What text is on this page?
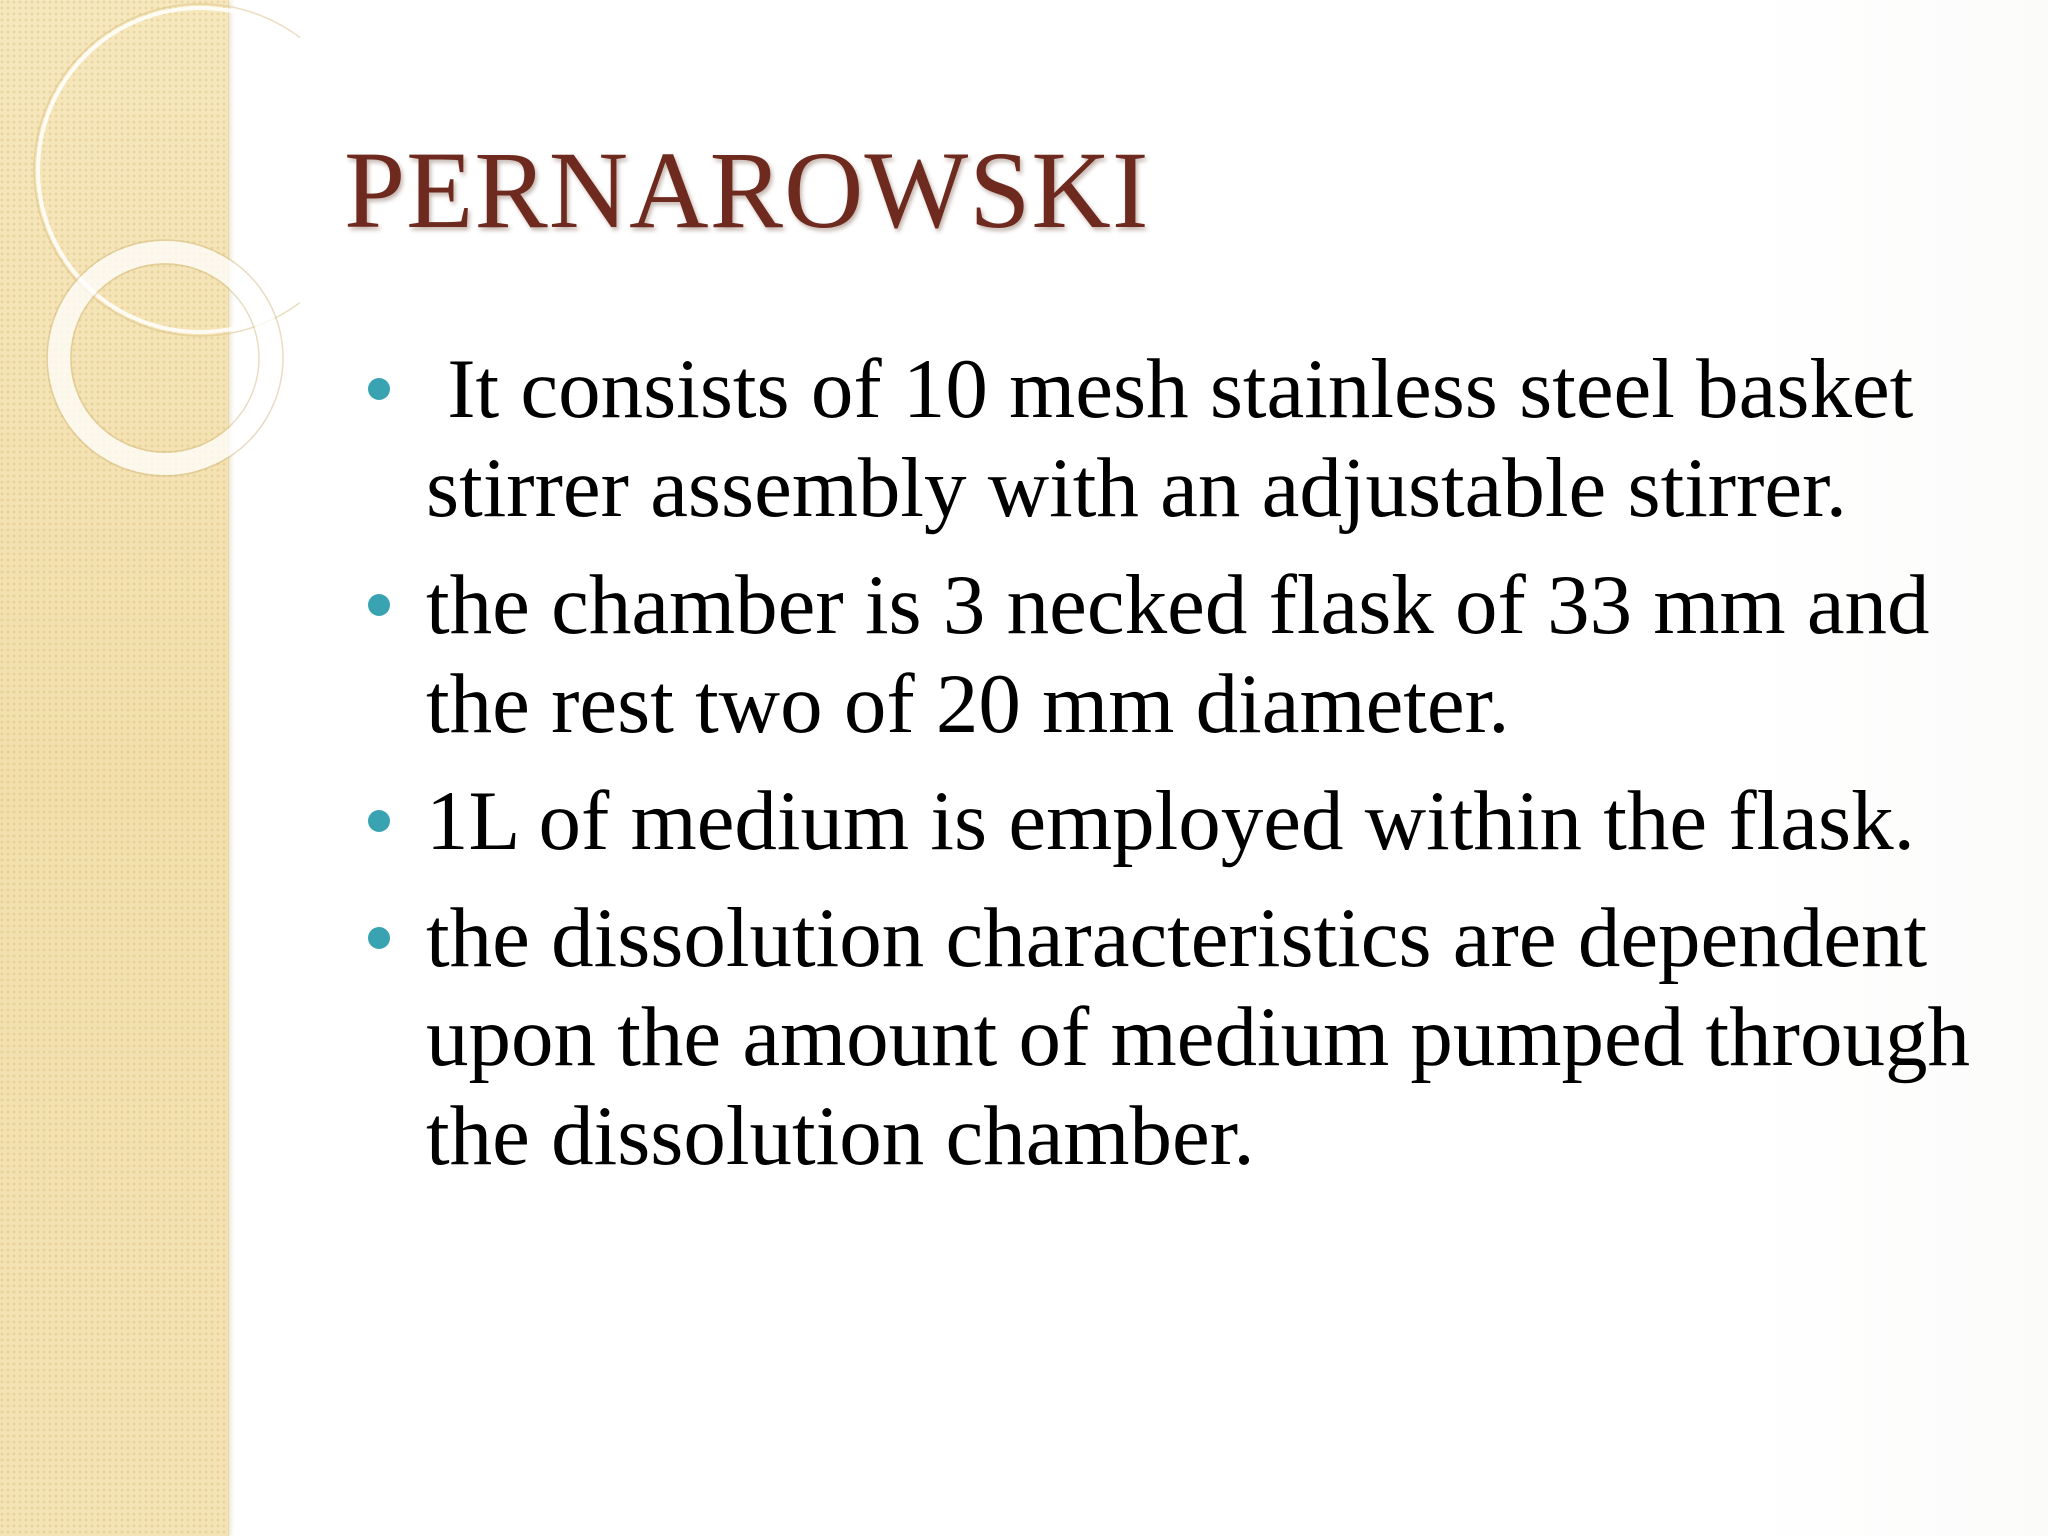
PERNAROWSKI
It consists of 10 mesh stainless steel basket stirrer assembly with an adjustable stirrer.
the chamber is 3 necked flask of 33 mm and the rest two of 20 mm diameter.
1L of medium is employed within the flask.
the dissolution characteristics are dependent upon the amount of medium pumped through the dissolution chamber.
